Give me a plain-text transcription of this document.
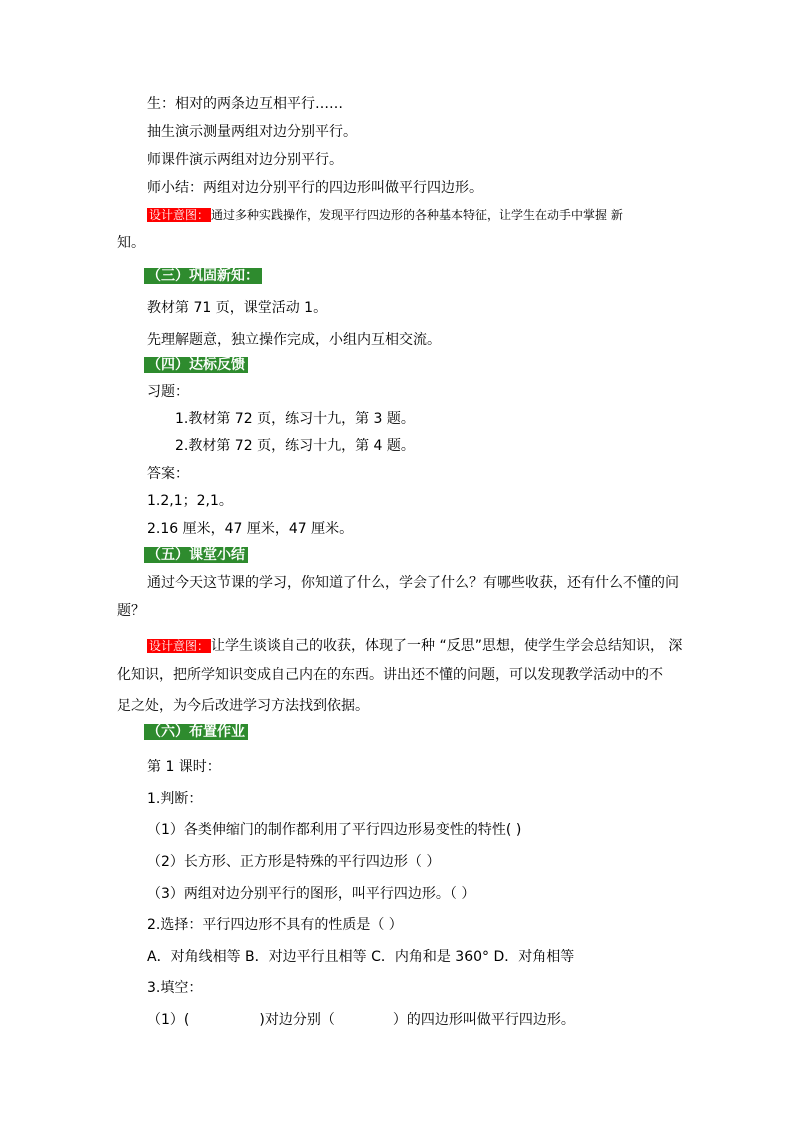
生：相对的两条边互相平行……
抽生演示测量两组对边分别平行。
师课件演示两组对边分别平行。
师小结：两组对边分别平行的四边形叫做平行四边形。
设计意图： 通过多种实践操作，发现平行四边形的各种基本特征，让学生在动手中掌握 新
知。
（三）巩固新知：
教材第 71 页，课堂活动 1。
先理解题意，独立操作完成，小组内互相交流。
（四）达标反馈
习题：
1.教材第 72 页，练习十九，第 3 题。
2.教材第 72 页，练习十九，第 4 题。
答案：
1.2,1；2,1。
2.16 厘米，47 厘米，47 厘米。
（五）课堂小结
通过今天这节课的学习，你知道了什么，学会了什么？有哪些收获，还有什么不懂的问
题？
设计意图： 让学生谈谈自己的收获，体现了一种 “反思”思想，使学生学会总结知识， 深
化知识，把所学知识变成自己内在的东西。讲出还不懂的问题，可以发现教学活动中的不
足之处，为今后改进学习方法找到依据。
（六）布置作业
第 1 课时：
1.判断：
（1）各类伸缩门的制作都利用了平行四边形易变性的特性( )
（2）长方形、正方形是特殊的平行四边形（ ）
（3）两组对边分别平行的图形，叫平行四边形。（ ）
2.选择：平行四边形不具有的性质是（ ）
A．对角线相等 B．对边平行且相等 C．内角和是 360° D．对角相等
3.填空：
（1）(	)对边分别（	）的四边形叫做平行四边形。
